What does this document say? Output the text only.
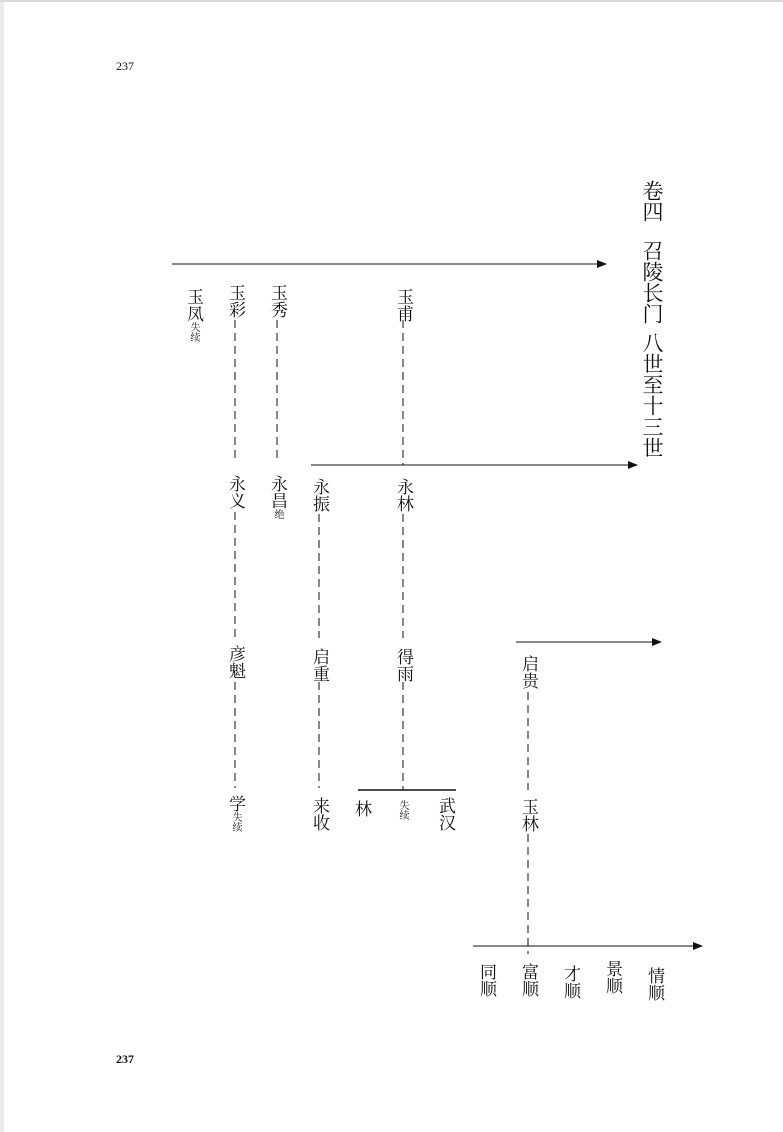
237
237
卷四召陵长门八世至十三世
玉凤失续
玉彩 玉秀	玉甫
永义 永昌绝
永振	永林
彦魁	启重	得雨
学失续	来收 林	失续 武汉
启贵
玉林
同顺 富顺 才顺 景顺 情顺
